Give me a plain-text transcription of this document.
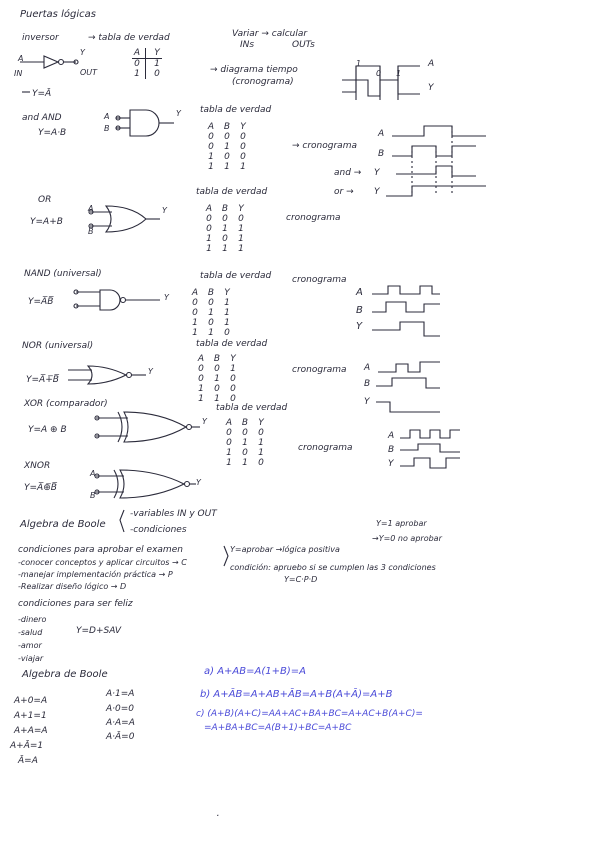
Puertas lógicas
inversor	→ tabla de verdad	Variar → calcular
INs	OUTs
A
Y
IN	OUT
Y=Ā
A	Y
0	1
1	0	→ diagrama tiempo
(cronograma)
1
0 1
A
Y
and AND
Y=A·B
A
B
Y tabla de verdad
A B Y
0 0 0
0 1 0
1 0 0
1 1 1
→ cronograma
A
B
and → Y
or → Y
OR
Y=A+B
A
B
Y
tabla de verdad
A B Y
0 0 0
0 1 1
1 0 1
1 1 1
cronograma
NAND (universal)
Y=A̅B̅	Y
tabla de verdad
A B Y
0 0 1
0 1 1
1 0 1
1 1 0
cronograma
A
B
Y
NOR (universal)
Y=A̅+̅B̅
Y
tabla de verdad
A B Y
0 0 1
0 1 0
1 0 0
1 1 0
cronograma A
B
Y
XOR (comparador)
Y=A ⊕ B
Y
tabla de verdad
A B Y
0 0 0
0 1 1
1 0 1
1 1 0
cronograma
A
B
Y
XNOR
Y=A̅⊕̅B̅
A
B
Y
Algebra de Boole
-variables IN y OUT
-condiciones
condiciones para aprobar el examen
-conocer conceptos y aplicar circuitos → C
-manejar implementación práctica → P
-Realizar diseño lógico → D
Y=aprobar →lógica positiva
Y=1 aprobar
→Y=0 no aprobar
condición: apruebo si se cumplen las 3 condiciones
Y=C·P·D
condiciones para ser feliz
-dinero
-salud
-amor
-viajar
Y=D+SAV
Algebra de Boole
A+0=A
A+1=1
A+A=A
A+Ā=1
Ā=A
A·1=A
A·0=0
A·A=A
A·Ā=0
a) A+AB=A(1+B)=A
b) A+ĀB=A+AB+ĀB=A+B(A+Ā)=A+B
c) (A+B)(A+C)=AA+AC+BA+BC=A+AC+B(A+C)=
=A+BA+BC=A(B+1)+BC=A+BC
·
